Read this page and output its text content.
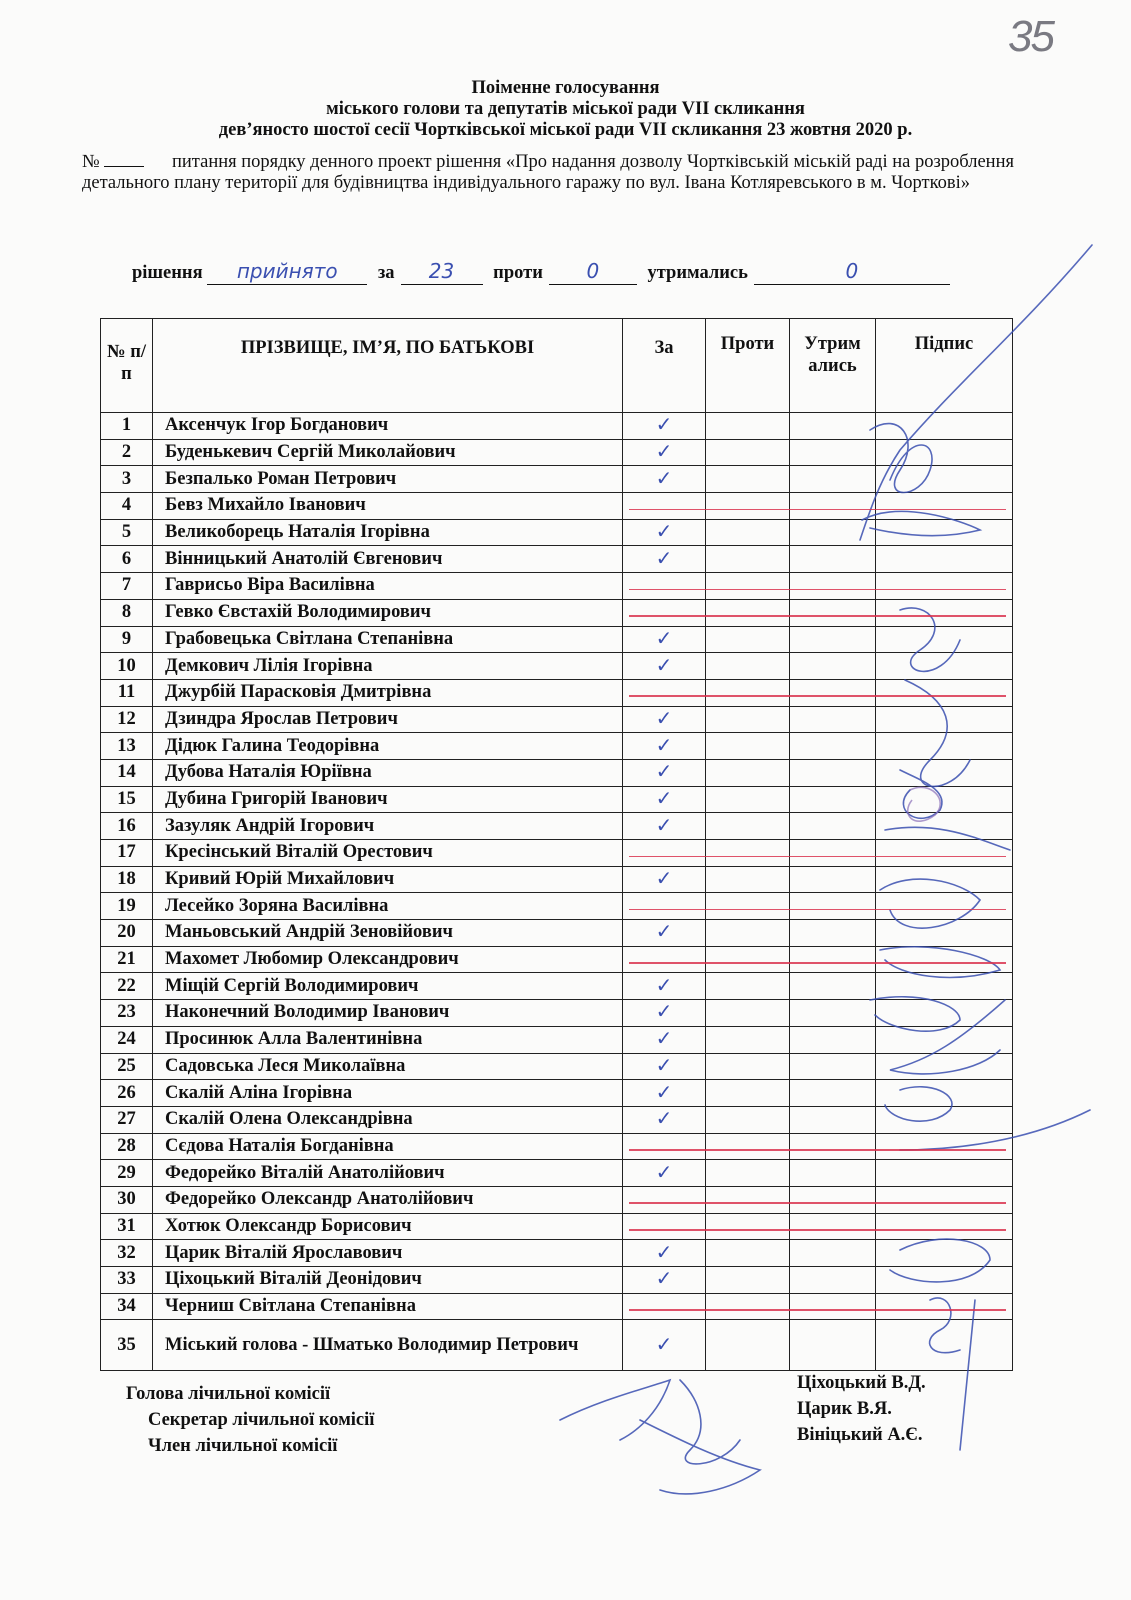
35
Поіменне голосування
міського голови та депутатів міської ради VII скликання
дев’яносто шостої сесії Чортківської міської ради VII скликання 23 жовтня 2020 р.
№	питання порядку денного проект рішення «Про надання дозволу Чортківській міській раді на розроблення детального плану території для будівництва індивідуального гаражу по вул. Івана Котляревського в м. Чорткові»
рішення прийнято за 23 проти 0	утримались	0
№ п/п	ПРІЗВИЩЕ, ІМ’Я, ПО БАТЬКОВІ	За	Проти	Утримались	Підпис
1	Аксенчук Ігор Богданович	✓			
2	Буденькевич Сергій Миколайович	✓			
3	Безпалько Роман Петрович	✓			
4	Бевз Михайло Іванович				
5	Великоборець Наталія Ігорівна	✓			
6	Вінницький Анатолій Євгенович	✓			
7	Гаврисьо Віра Василівна				
8	Гевко Євстахій Володимирович				
9	Грабовецька Світлана Степанівна	✓			
10	Демкович Лілія Ігорівна	✓			
11	Джурбій Парасковія Дмитрівна				
12	Дзиндра Ярослав Петрович	✓			
13	Дідюк Галина Теодорівна	✓			
14	Дубова Наталія Юріївна	✓			
15	Дубина Григорій Іванович	✓			
16	Зазуляк Андрій Ігорович	✓			
17	Кресінський Віталій Орестович				
18	Кривий Юрій Михайлович	✓			
19	Лесейко Зоряна Василівна				
20	Маньовський Андрій Зеновійович	✓			
21	Махомет Любомир Олександрович				
22	Міщій Сергій Володимирович	✓			
23	Наконечний Володимир Іванович	✓			
24	Просинюк Алла Валентинівна	✓			
25	Садовська Леся Миколаївна	✓			
26	Скалій Аліна Ігорівна	✓			
27	Скалій Олена Олександрівна	✓			
28	Сєдова Наталія Богданівна				
29	Федорейко Віталій Анатолійович	✓			
30	Федорейко Олександр Анатолійович				
31	Хотюк Олександр Борисович				
32	Царик Віталій Ярославович	✓			
33	Ціхоцький Віталій Деонідович	✓			
34	Черниш Світлана Степанівна				
35	Міський голова - Шматько Володимир Петрович	✓			
Голова лічильної комісії
Секретар лічильної комісії
Член лічильної комісії
Ціхоцький В.Д.
Царик В.Я.
Вініцький А.Є.
